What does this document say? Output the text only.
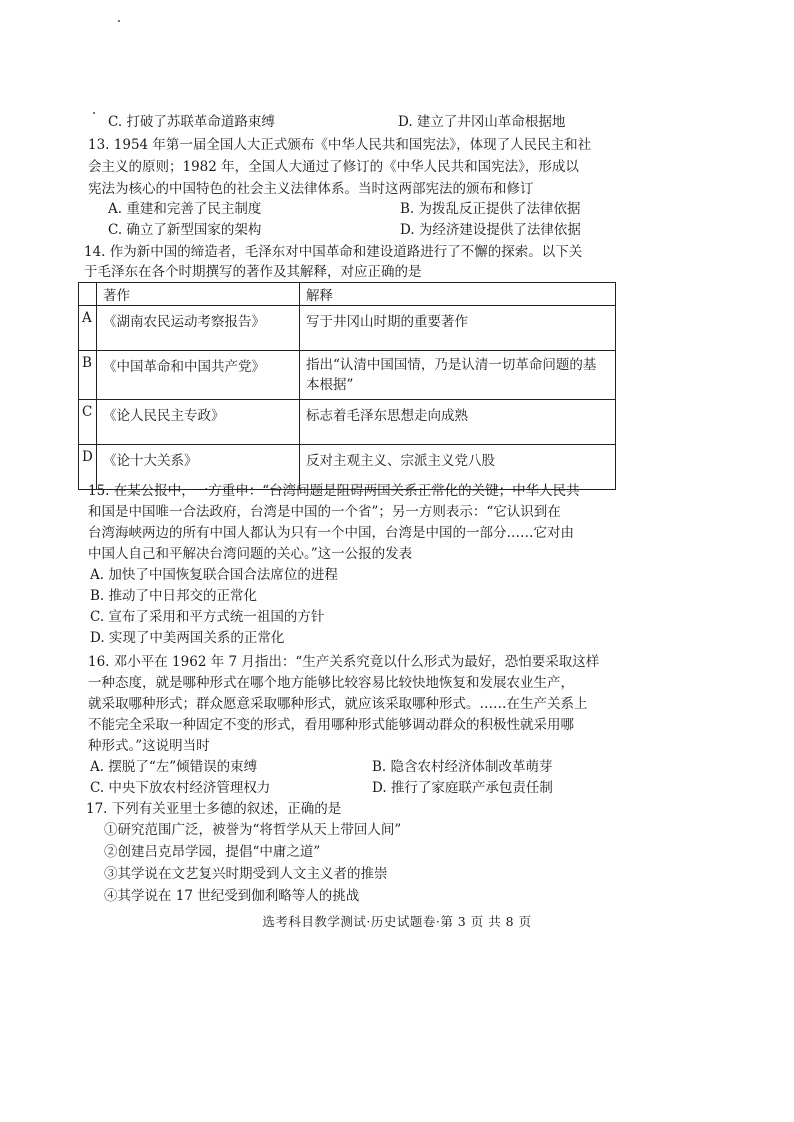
C. 打破了苏联革命道路束缚	D. 建立了井冈山革命根据地
13. 1954 年第一届全国人大正式颁布《中华人民共和国宪法》，体现了人民民主和社
会主义的原则；1982 年，全国人大通过了修订的《中华人民共和国宪法》，形成以
宪法为核心的中国特色的社会主义法律体系。当时这两部宪法的颁布和修订
A. 重建和完善了民主制度	B. 为拨乱反正提供了法律依据
C. 确立了新型国家的架构	D. 为经济建设提供了法律依据
14. 作为新中国的缔造者，毛泽东对中国革命和建设道路进行了不懈的探索。以下关
于毛泽东在各个时期撰写的著作及其解释，对应正确的是
	著作	解释
A	《湖南农民运动考察报告》	写于井冈山时期的重要著作
B	《中国革命和中国共产党》	指出“认清中国国情，乃是认清一切革命问题的基本根据”
C	《论人民民主专政》	标志着毛泽东思想走向成熟
D	《论十大关系》	反对主观主义、宗派主义党八股
15. 在某公报中，一方重申：“台湾问题是阻碍两国关系正常化的关键；中华人民共
和国是中国唯一合法政府，台湾是中国的一个省”；另一方则表示：“它认识到在
台湾海峡两边的所有中国人都认为只有一个中国，台湾是中国的一部分……它对由
中国人自己和平解决台湾问题的关心。”这一公报的发表
A. 加快了中国恢复联合国合法席位的进程
B. 推动了中日邦交的正常化
C. 宣布了采用和平方式统一祖国的方针
D. 实现了中美两国关系的正常化
16. 邓小平在 1962 年 7 月指出：“生产关系究竟以什么形式为最好，恐怕要采取这样
一种态度，就是哪种形式在哪个地方能够比较容易比较快地恢复和发展农业生产，
就采取哪种形式；群众愿意采取哪种形式，就应该采取哪种形式。……在生产关系上
不能完全采取一种固定不变的形式，看用哪种形式能够调动群众的积极性就采用哪
种形式。”这说明当时
A. 摆脱了“左”倾错误的束缚	B. 隐含农村经济体制改革萌芽
C. 中央下放农村经济管理权力	D. 推行了家庭联产承包责任制
17. 下列有关亚里士多德的叙述，正确的是
①研究范围广泛，被誉为“将哲学从天上带回人间”
②创建吕克昂学园，提倡“中庸之道”
③其学说在文艺复兴时期受到人文主义者的推崇
④其学说在 17 世纪受到伽利略等人的挑战
选考科目教学测试·历史试题卷·第 3 页 共 8 页
